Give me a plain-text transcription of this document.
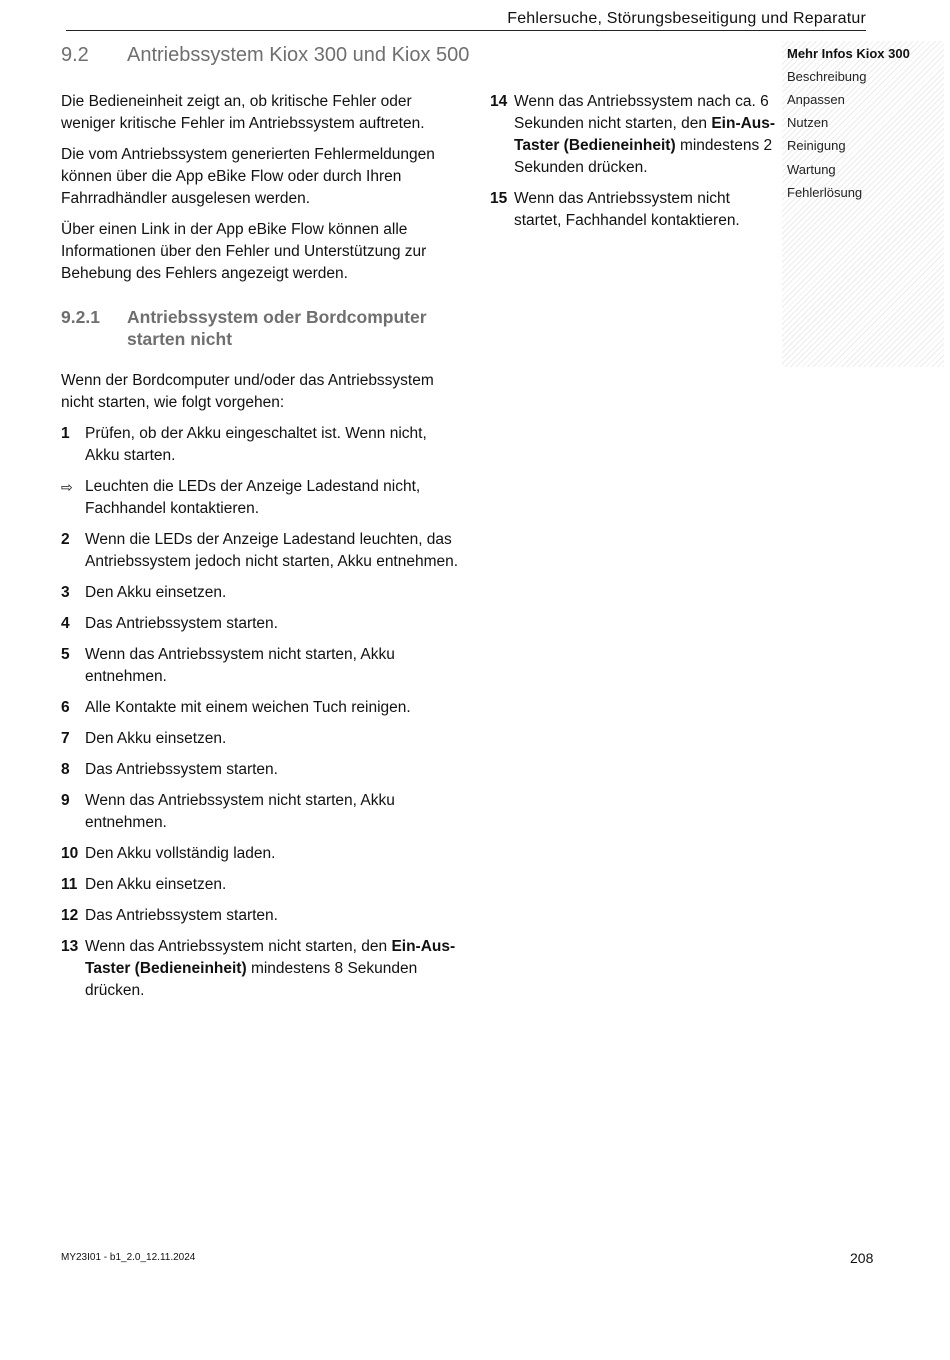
Fehlersuche, Störungsbeseitigung und Reparatur
9.2 Antriebssystem Kiox 300 und Kiox 500

Die Bedieneinheit zeigt an, ob kritische Fehler oder weniger kritische Fehler im Antriebssystem auftreten.

Die vom Antriebssystem generierten Fehlermeldungen können über die App eBike Flow oder durch Ihren Fahrradhändler ausgelesen werden.

Über einen Link in der App eBike Flow können alle Informationen über den Fehler und Unterstützung zur Behebung des Fehlers angezeigt werden.

9.2.1	Antriebssystem oder Bordcomputer starten nicht

Wenn der Bordcomputer und/oder das Antriebssystem nicht starten, wie folgt vorgehen:

1 Prüfen, ob der Akku eingeschaltet ist. Wenn nicht, Akku starten.
⇨ Leuchten die LEDs der Anzeige Ladestand nicht, Fachhandel kontaktieren.
2 Wenn die LEDs der Anzeige Ladestand leuchten, das Antriebssystem jedoch nicht starten, Akku entnehmen.
3 Den Akku einsetzen.
4 Das Antriebssystem starten.
5 Wenn das Antriebssystem nicht starten, Akku entnehmen.
6 Alle Kontakte mit einem weichen Tuch reinigen.
7 Den Akku einsetzen.
8 Das Antriebssystem starten.
9 Wenn das Antriebssystem nicht starten, Akku entnehmen.
10 Den Akku vollständig laden.
11 Den Akku einsetzen.
12 Das Antriebssystem starten.
13 Wenn das Antriebssystem nicht starten, den Ein-Aus-Taster (Bedieneinheit) mindestens 8 Sekunden drücken.
14 Wenn das Antriebssystem nach ca. 6 Sekunden nicht starten, den Ein-Aus-Taster (Bedieneinheit) mindestens 2 Sekunden drücken.
15 Wenn das Antriebssystem nicht startet, Fachhandel kontaktieren.
Mehr Infos Kiox 300
Beschreibung
Anpassen
Nutzen
Reinigung
Wartung
Fehlerlösung
MY23I01 - b1_2.0_12.11.2024	208
